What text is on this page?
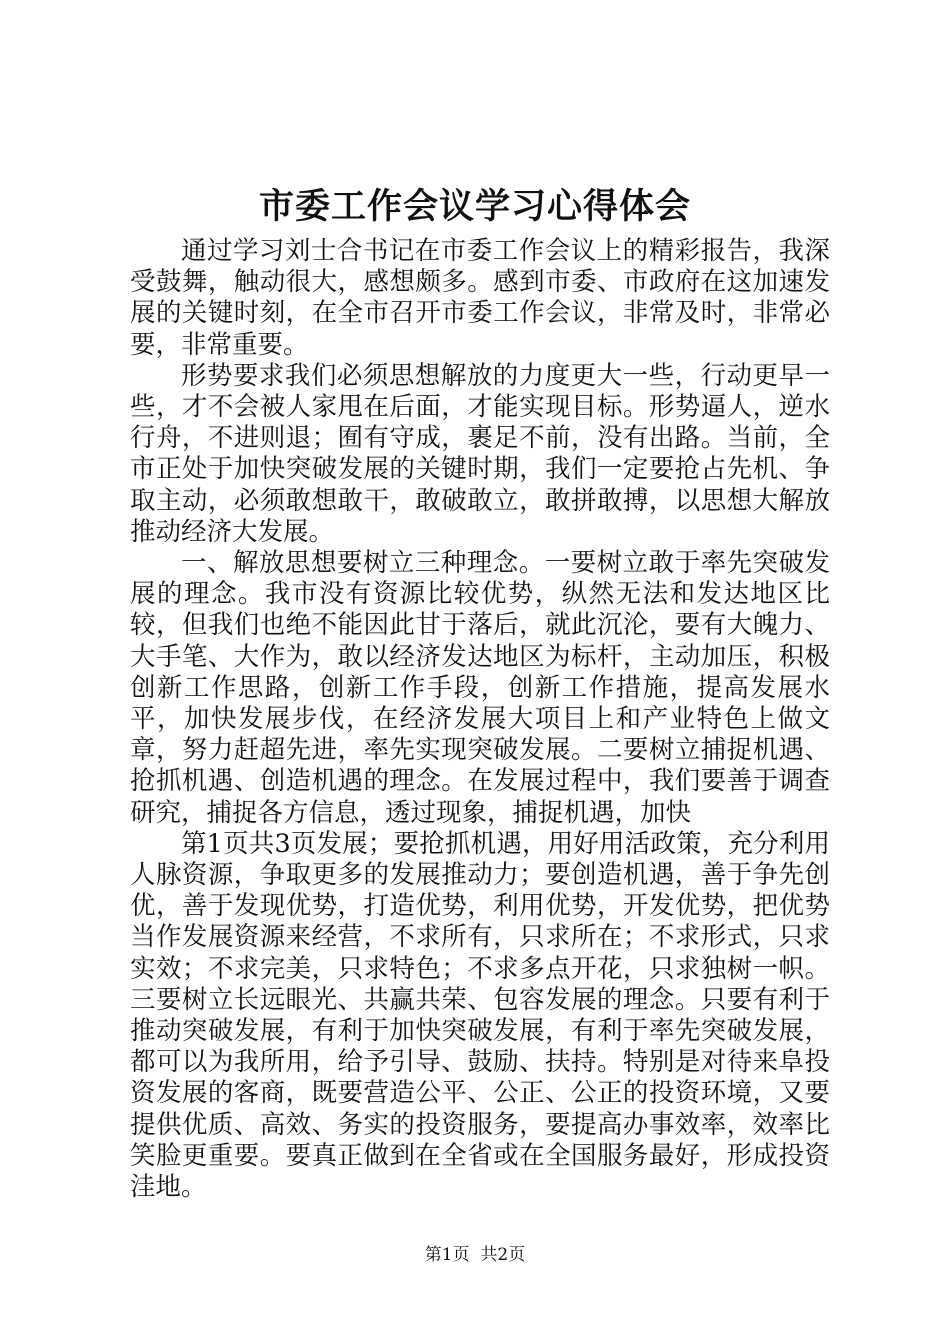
市委工作会议学习心得体会

通过学习刘士合书记在市委工作会议上的精彩报告，我深受鼓舞，触动很大，感想颇多。感到市委、市政府在这加速发展的关键时刻，在全市召开市委工作会议，非常及时，非常必要，非常重要。

形势要求我们必须思想解放的力度更大一些，行动更早一些，才不会被人家甩在后面，才能实现目标。形势逼人，逆水行舟，不进则退；囿有守成，裹足不前，没有出路。当前，全市正处于加快突破发展的关键时期，我们一定要抢占先机、争取主动，必须敢想敢干，敢破敢立，敢拼敢搏，以思想大解放推动经济大发展。

一、解放思想要树立三种理念。一要树立敢于率先突破发展的理念。我市没有资源比较优势，纵然无法和发达地区比较，但我们也绝不能因此甘于落后，就此沉沦，要有大魄力、大手笔、大作为，敢以经济发达地区为标杆，主动加压，积极创新工作思路，创新工作手段，创新工作措施，提高发展水平，加快发展步伐，在经济发展大项目上和产业特色上做文章，努力赶超先进，率先实现突破发展。二要树立捕捉机遇、抢抓机遇、创造机遇的理念。在发展过程中，我们要善于调查研究，捕捉各方信息，透过现象，捕捉机遇，加快

第1页共3页发展；要抢抓机遇，用好用活政策，充分利用人脉资源，争取更多的发展推动力；要创造机遇，善于争先创优，善于发现优势，打造优势，利用优势，开发优势，把优势当作发展资源来经营，不求所有，只求所在；不求形式，只求实效；不求完美，只求特色；不求多点开花，只求独树一帜。三要树立长远眼光、共赢共荣、包容发展的理念。只要有利于推动突破发展，有利于加快突破发展，有利于率先突破发展，都可以为我所用，给予引导、鼓励、扶持。特别是对待来阜投资发展的客商，既要营造公平、公正、公正的投资环境，又要提供优质、高效、务实的投资服务，要提高办事效率，效率比笑脸更重要。要真正做到在全省或在全国服务最好，形成投资洼地。

第1页 共2页
